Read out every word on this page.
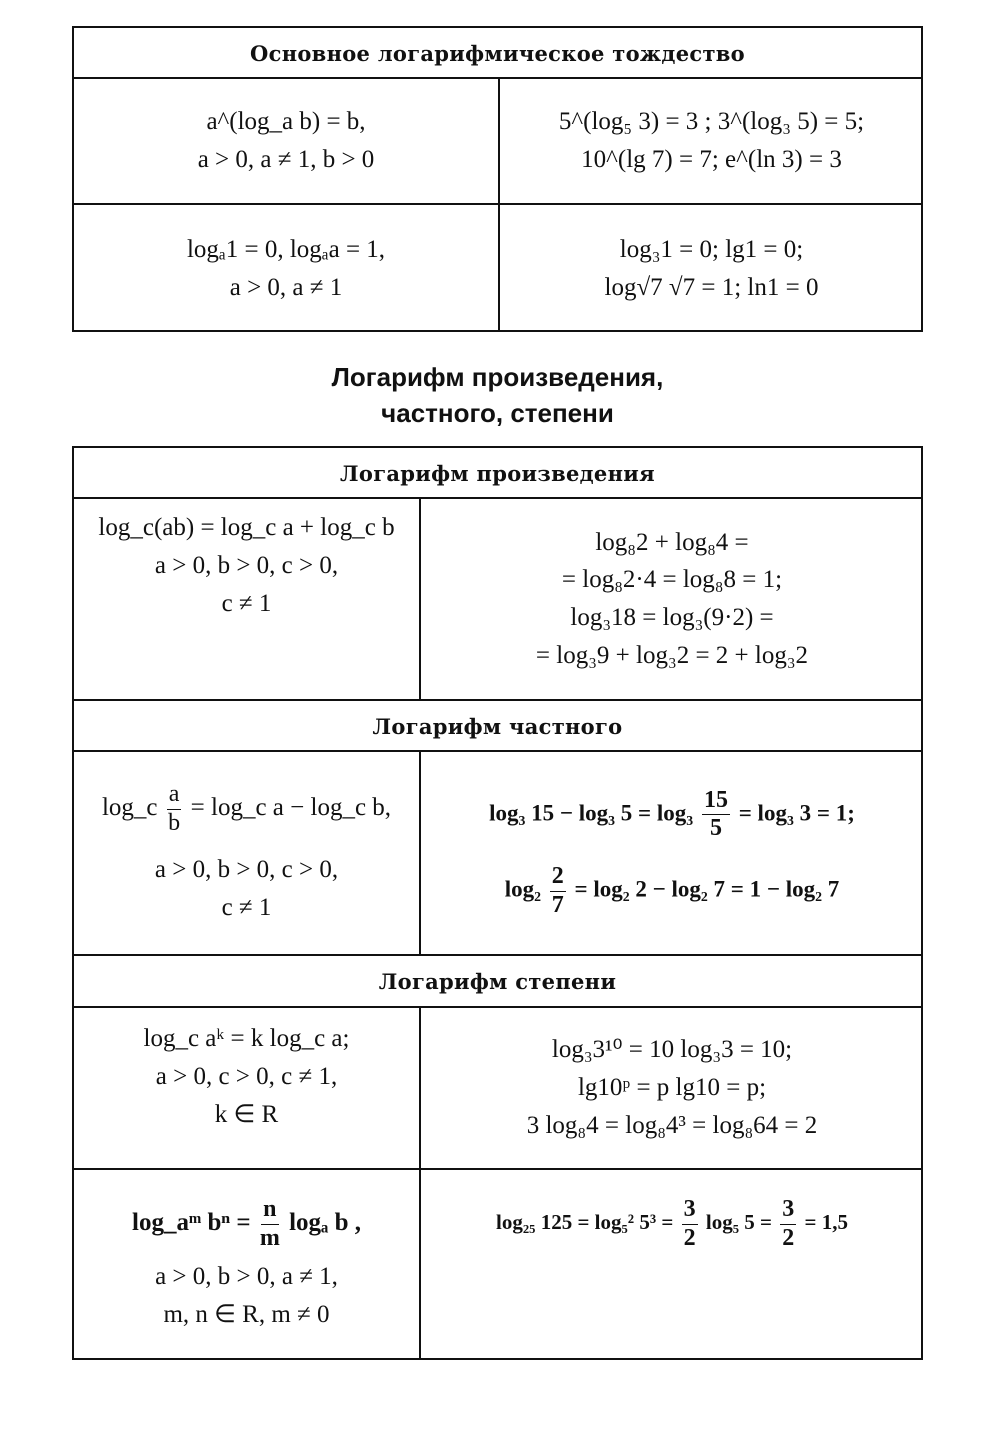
Основное логарифмическое тождество
a^(log_a b) = b,
a > 0, a ≠ 1, b > 0
5^(log₅ 3) = 3 ; 3^(log₃ 5) = 5;
10^(lg 7) = 7; e^(ln 3) = 3
logₐ1 = 0, logₐa = 1,
a > 0, a ≠ 1
log₃1 = 0; lg1 = 0;
log√7 √7 = 1; ln1 = 0
Логарифм произведения,
частного, степени
Логарифм произведения
log_c(ab) = log_c a + log_c b
a > 0, b > 0, c > 0,
c ≠ 1
log₈2 + log₈4 =
= log₈2·4 = log₈8 = 1;
log₃18 = log₃(9·2) =
= log₃9 + log₃2 = 2 + log₃2
Логарифм частного
log_c $\frac{a}{b}$ = log_c a − log_c b,
a > 0, b > 0, c > 0,
c ≠ 1
log₃ 15 − log₃ $5 = \log_3 \frac{15}{5} = \log_3$ 3 = 1;
$\log_2 \frac{2}{7} = \log_2$ 2 − log₂ 7 = 1 − log₂ 7
Логарифм степени
log_c aᵏ = k log_c a;
a > 0, c > 0, c ≠ 1,
k ∈ R
log₃3¹⁰ = 10 log₃3 = 10;
lg10ᵖ = p lg10 = p;
3 log₈4 = log₈4³ = log₈64 = 2
log_aᵐ $b^n = \frac{n}{m}$ logₐ b ,
a > 0, b > 0, a ≠ 1,
m, n ∈ R, m ≠ 0
log₂₅ 125 = log₅² $5^3 = \frac{3}{2} \log_5$ $5 = \frac{3}{2} = 1,5$
